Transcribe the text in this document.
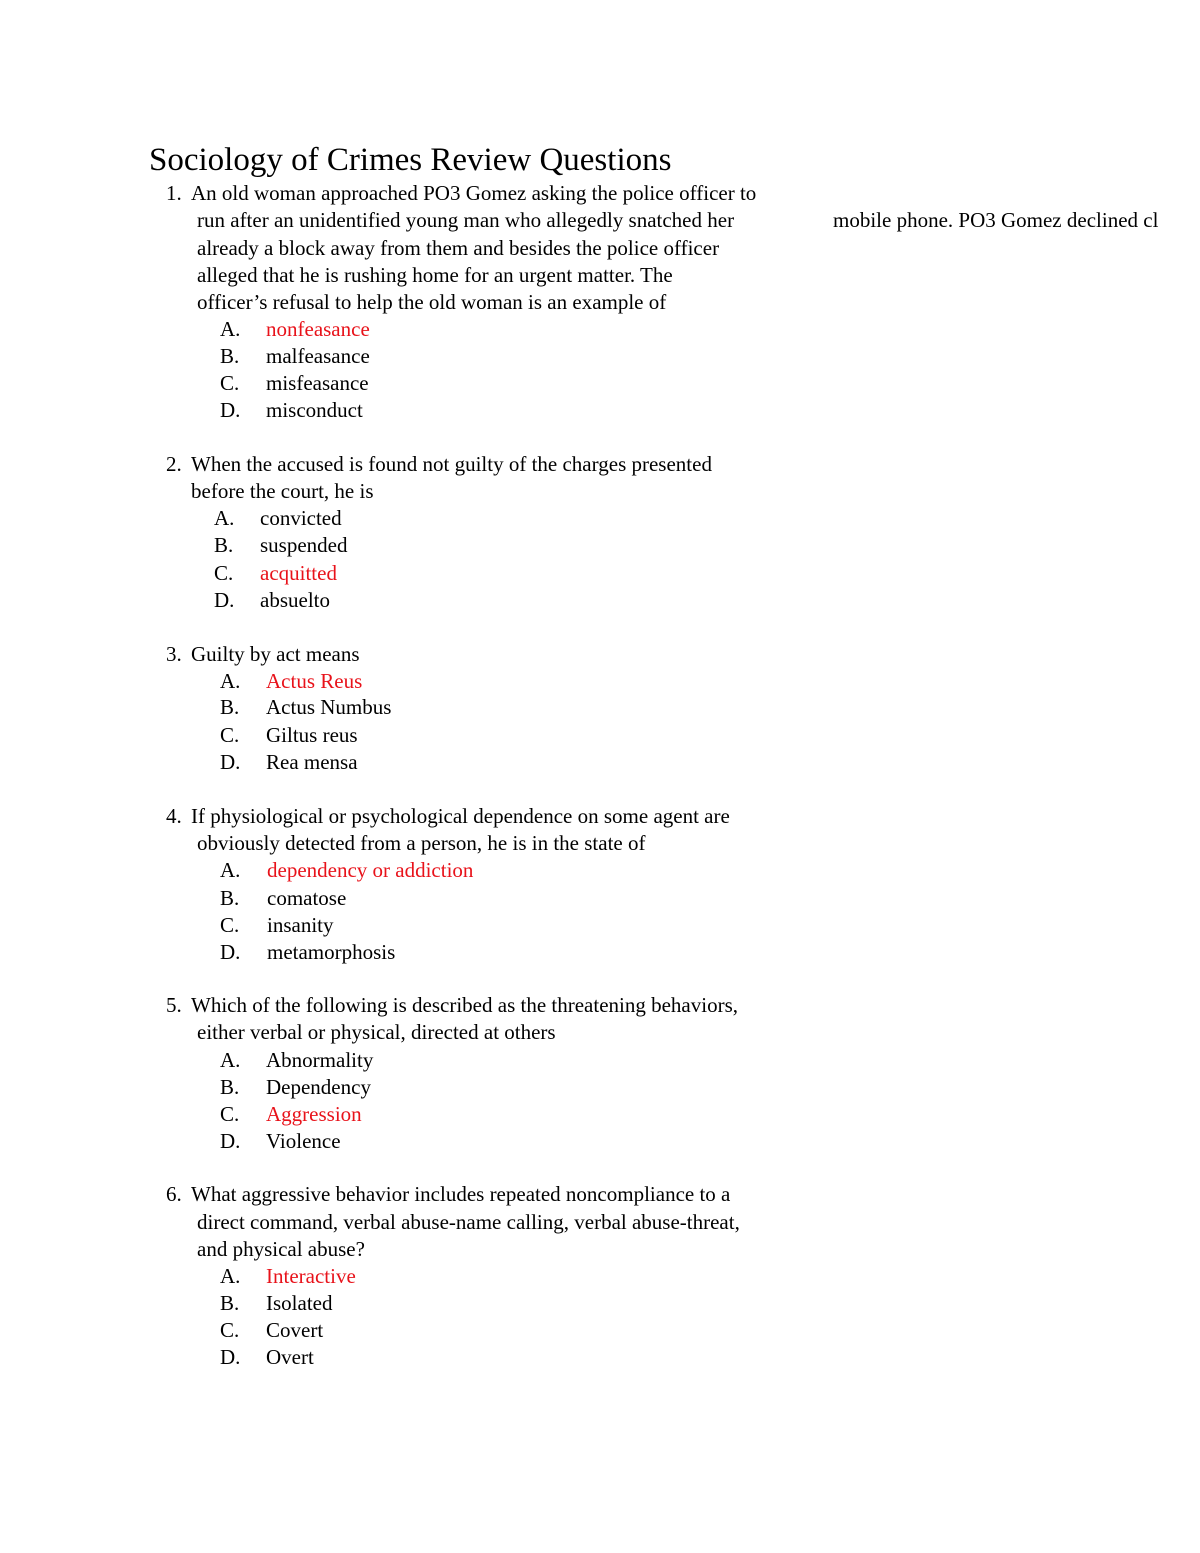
Sociology of Crimes Review Questions
1. An old woman approached PO3 Gomez asking the police officer to
run after an unidentified young man who allegedly snatched her
already a block away from them and besides the police officer
alleged that he is rushing home for an urgent matter. The
officer’s refusal to help the old woman is an example of
mobile phone. PO3 Gomez declined cl
A. nonfeasance
B. malfeasance
C. misfeasance
D. misconduct
2. When the accused is found not guilty of the charges presented
before the court, he is
A. convicted
B. suspended
C. acquitted
D. absuelto
3. Guilty by act means
A. Actus Reus
B. Actus Numbus
C. Giltus reus
D. Rea mensa
4. If physiological or psychological dependence on some agent are
obviously detected from a person, he is in the state of
A. dependency or addiction
B. comatose
C. insanity
D. metamorphosis
5. Which of the following is described as the threatening behaviors,
either verbal or physical, directed at others
A. Abnormality
B. Dependency
C. Aggression
D. Violence
6. What aggressive behavior includes repeated noncompliance to a
direct command, verbal abuse-name calling, verbal abuse-threat,
and physical abuse?
A. Interactive
B. Isolated
C. Covert
D. Overt
